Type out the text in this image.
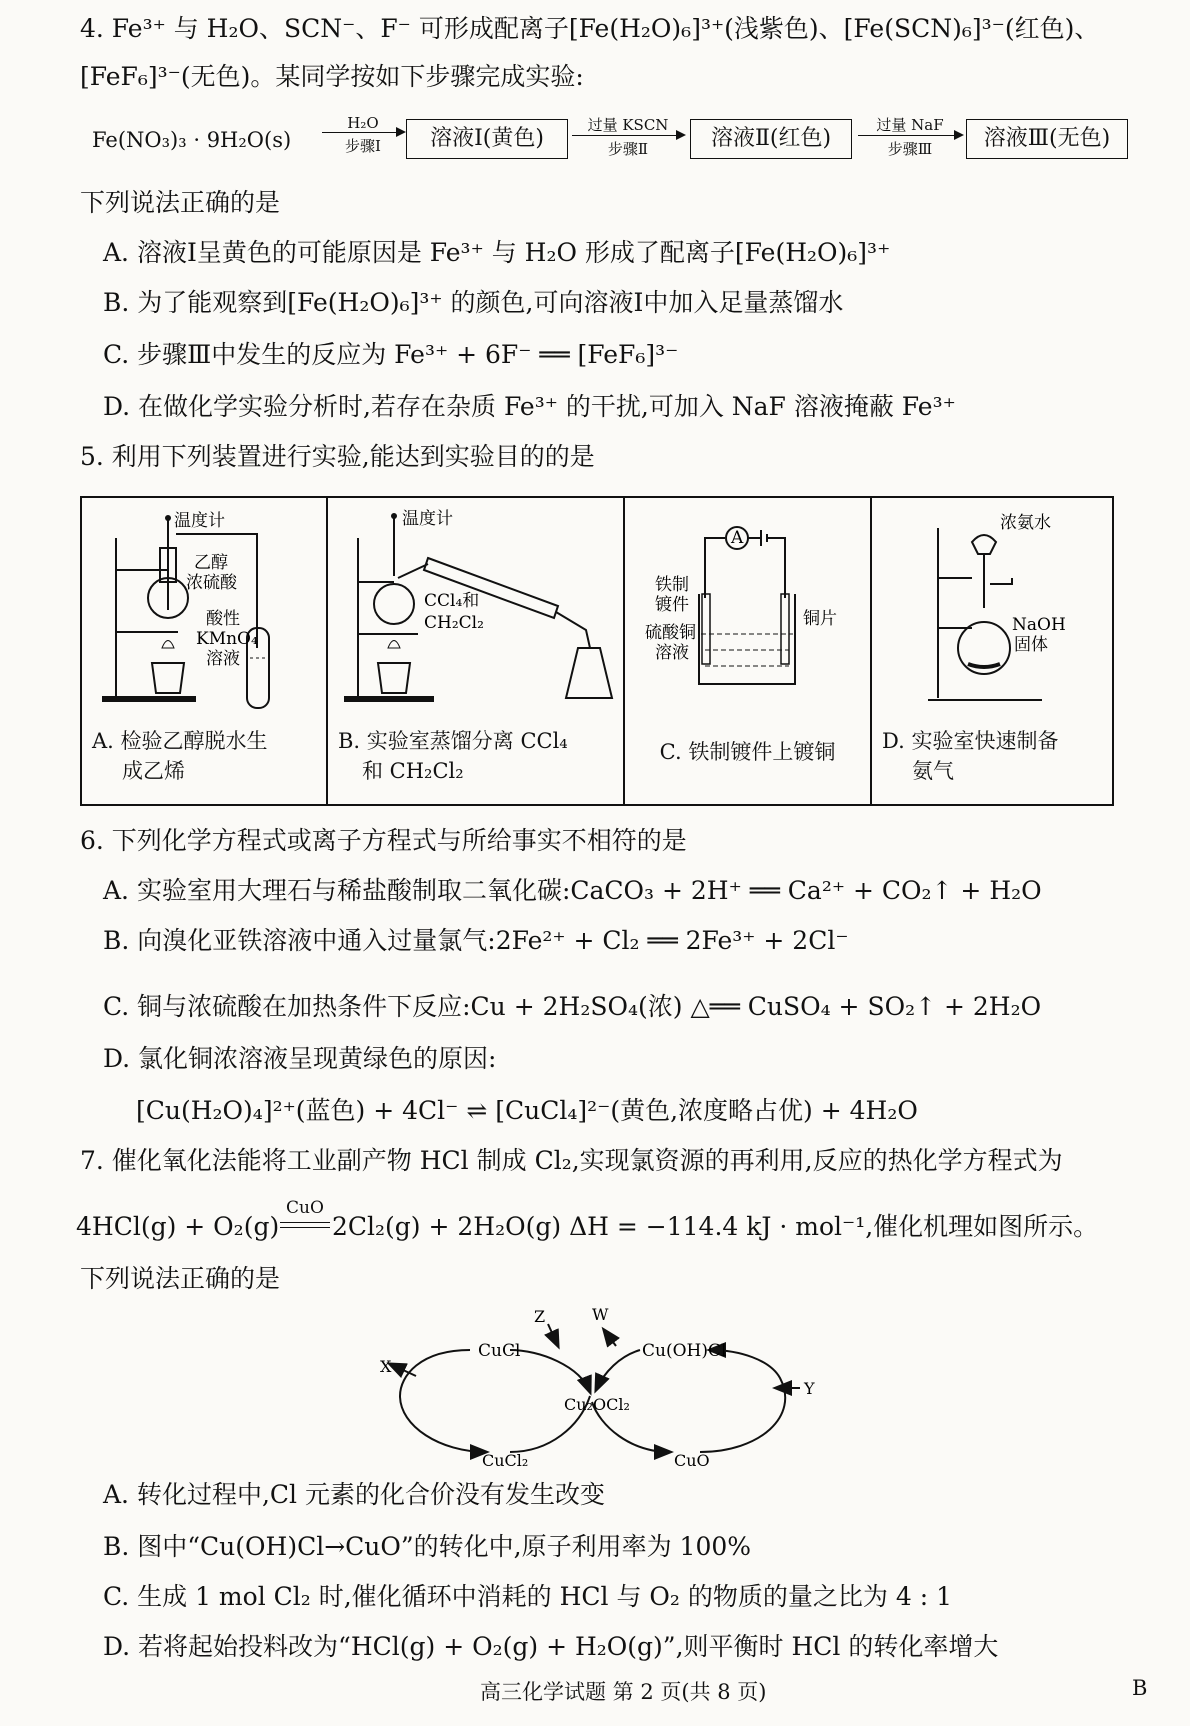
4. Fe³⁺ 与 H₂O、SCN⁻、F⁻ 可形成配离子[Fe(H₂O)₆]³⁺(浅紫色)、[Fe(SCN)₆]³⁻(红色)、
[FeF₆]³⁻(无色)。某同学按如下步骤完成实验:
Fe(NO₃)₃ · 9H₂O(s)
H₂O
步骤Ⅰ	溶液Ⅰ(黄色)
过量 KSCN
步骤Ⅱ	溶液Ⅱ(红色)
过量 NaF
步骤Ⅲ	溶液Ⅲ(无色)
下列说法正确的是
A. 溶液Ⅰ呈黄色的可能原因是 Fe³⁺ 与 H₂O 形成了配离子[Fe(H₂O)₆]³⁺
B. 为了能观察到[Fe(H₂O)₆]³⁺ 的颜色,可向溶液Ⅰ中加入足量蒸馏水
C. 步骤Ⅲ中发生的反应为 Fe³⁺ + 6F⁻ ══ [FeF₆]³⁻
D. 在做化学实验分析时,若存在杂质 Fe³⁺ 的干扰,可加入 NaF 溶液掩蔽 Fe³⁺
5. 利用下列装置进行实验,能达到实验目的的是
温度计
乙醇
浓硫酸
酸性
KMnO₄
溶液
A. 检验乙醇脱水生
成乙烯

温度计
CCl₄和
CH₂Cl₂
B. 实验室蒸馏分离 CCl₄
和 CH₂Cl₂

A
铁制
镀件
硫酸铜
溶液
铜片
C. 铁制镀件上镀铜

浓氨水
NaOH
固体
D. 实验室快速制备
氨气
6. 下列化学方程式或离子方程式与所给事实不相符的是
A. 实验室用大理石与稀盐酸制取二氧化碳:CaCO₃ + 2H⁺ ══ Ca²⁺ + CO₂↑ + H₂O
B. 向溴化亚铁溶液中通入过量氯气:2Fe²⁺ + Cl₂ ══ 2Fe³⁺ + 2Cl⁻
C. 铜与浓硫酸在加热条件下反应:Cu + 2H₂SO₄(浓) △══ CuSO₄ + SO₂↑ + 2H₂O
D. 氯化铜浓溶液呈现黄绿色的原因:
[Cu(H₂O)₄]²⁺(蓝色) + 4Cl⁻ ⇌ [CuCl₄]²⁻(黄色,浓度略占优) + 4H₂O
7. 催化氧化法能将工业副产物 HCl 制成 Cl₂,实现氯资源的再利用,反应的热化学方程式为
4HCl(g) + O₂(g)
CuO
2Cl₂(g) + 2H₂O(g) ΔH = −114.4 kJ · mol⁻¹,催化机理如图所示。
下列说法正确的是
CuCl	Cu(OH)Cl
Cu₂OCl₂
CuCl₂	CuO
X
Y
Z	W
A. 转化过程中,Cl 元素的化合价没有发生改变
B. 图中“Cu(OH)Cl→CuO”的转化中,原子利用率为 100%
C. 生成 1 mol Cl₂ 时,催化循环中消耗的 HCl 与 O₂ 的物质的量之比为 4 : 1
D. 若将起始投料改为“HCl(g) + O₂(g) + H₂O(g)”,则平衡时 HCl 的转化率增大
高三化学试题 第 2 页(共 8 页)	B
